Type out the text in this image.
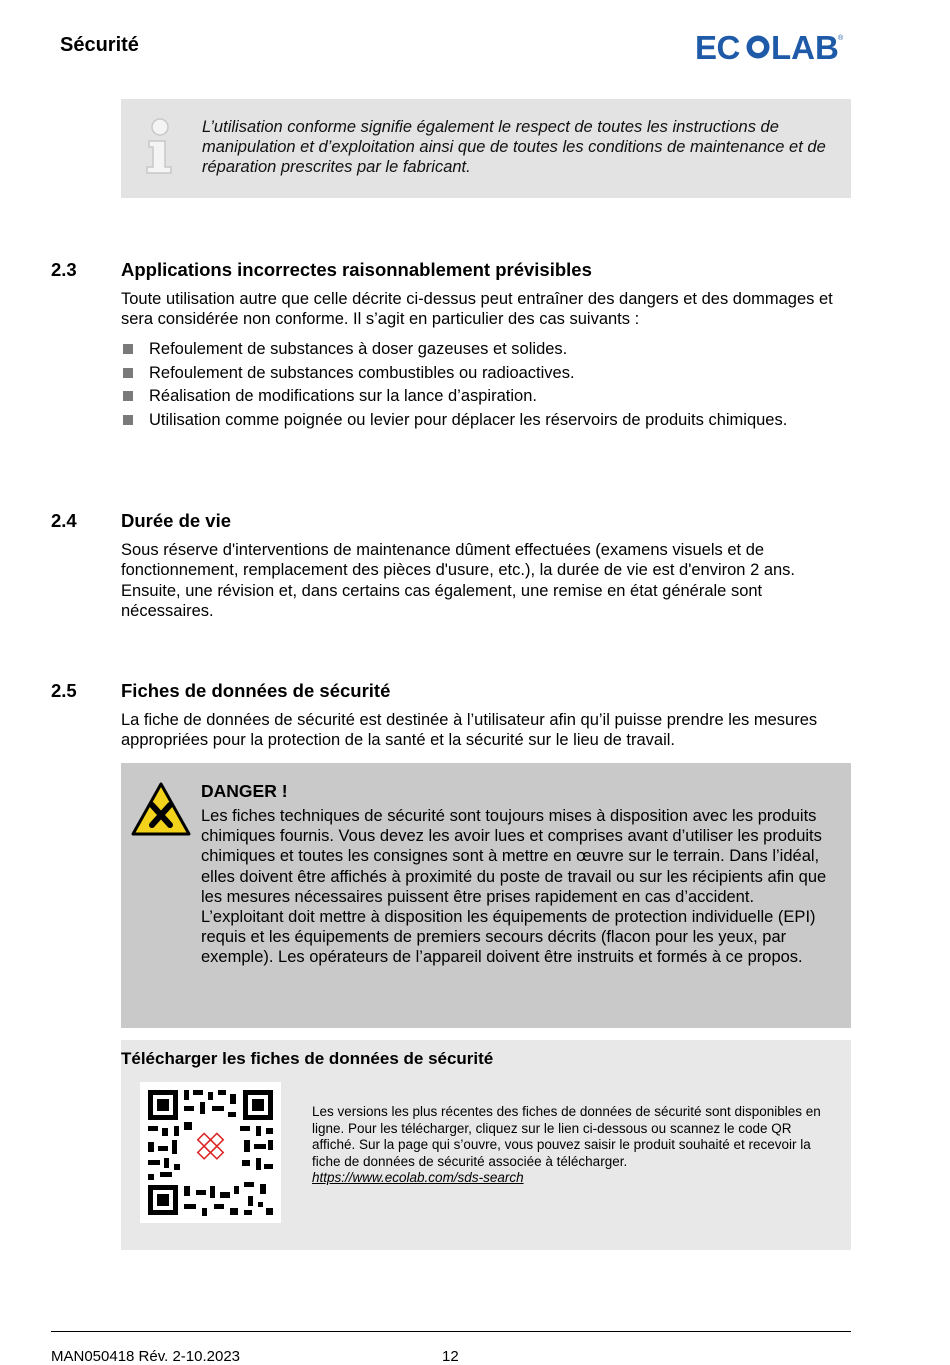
Sécurité	EC LAB ®
L’utilisation conforme signifie également le respect de toutes les instructions de manipulation et d’exploitation ainsi que de toutes les conditions de maintenance et de réparation prescrites par le fabricant.
2.3 Applications incorrectes raisonnablement prévisibles
Toute utilisation autre que celle décrite ci-dessus peut entraîner des dangers et des dommages et sera considérée non conforme. Il s’agit en particulier des cas suivants :
Refoulement de substances à doser gazeuses et solides.
Refoulement de substances combustibles ou radioactives.
Réalisation de modifications sur la lance d’aspiration.
Utilisation comme poignée ou levier pour déplacer les réservoirs de produits chimiques.
2.4 Durée de vie
Sous réserve d'interventions de maintenance dûment effectuées (examens visuels et de fonctionnement, remplacement des pièces d'usure, etc.), la durée de vie est d'environ 2 ans. Ensuite, une révision et, dans certains cas également, une remise en état générale sont nécessaires.
2.5 Fiches de données de sécurité
La fiche de données de sécurité est destinée à l’utilisateur afin qu’il puisse prendre les mesures appropriées pour la protection de la santé et la sécurité sur le lieu de travail.
DANGER !
Les fiches techniques de sécurité sont toujours mises à disposition avec les produits chimiques fournis. Vous devez les avoir lues et comprises avant d’utiliser les produits chimiques et toutes les consignes sont à mettre en œuvre sur le terrain. Dans l’idéal, elles doivent être affichés à proximité du poste de travail ou sur les récipients afin que les mesures nécessaires puissent être prises rapidement en cas d’accident.
L’exploitant doit mettre à disposition les équipements de protection individuelle (EPI) requis et les équipements de premiers secours décrits (flacon pour les yeux, par exemple). Les opérateurs de l’appareil doivent être instruits et formés à ce propos.
Télécharger les fiches de données de sécurité
Les versions les plus récentes des fiches de données de sécurité sont disponibles en ligne. Pour les télécharger, cliquez sur le lien ci-dessous ou scannez le code QR affiché. Sur la page qui s’ouvre, vous pouvez saisir le produit souhaité et recevoir la fiche de données de sécurité associée à télécharger.
https://www.ecolab.com/sds-search
MAN050418 Rév. 2-10.2023	12
